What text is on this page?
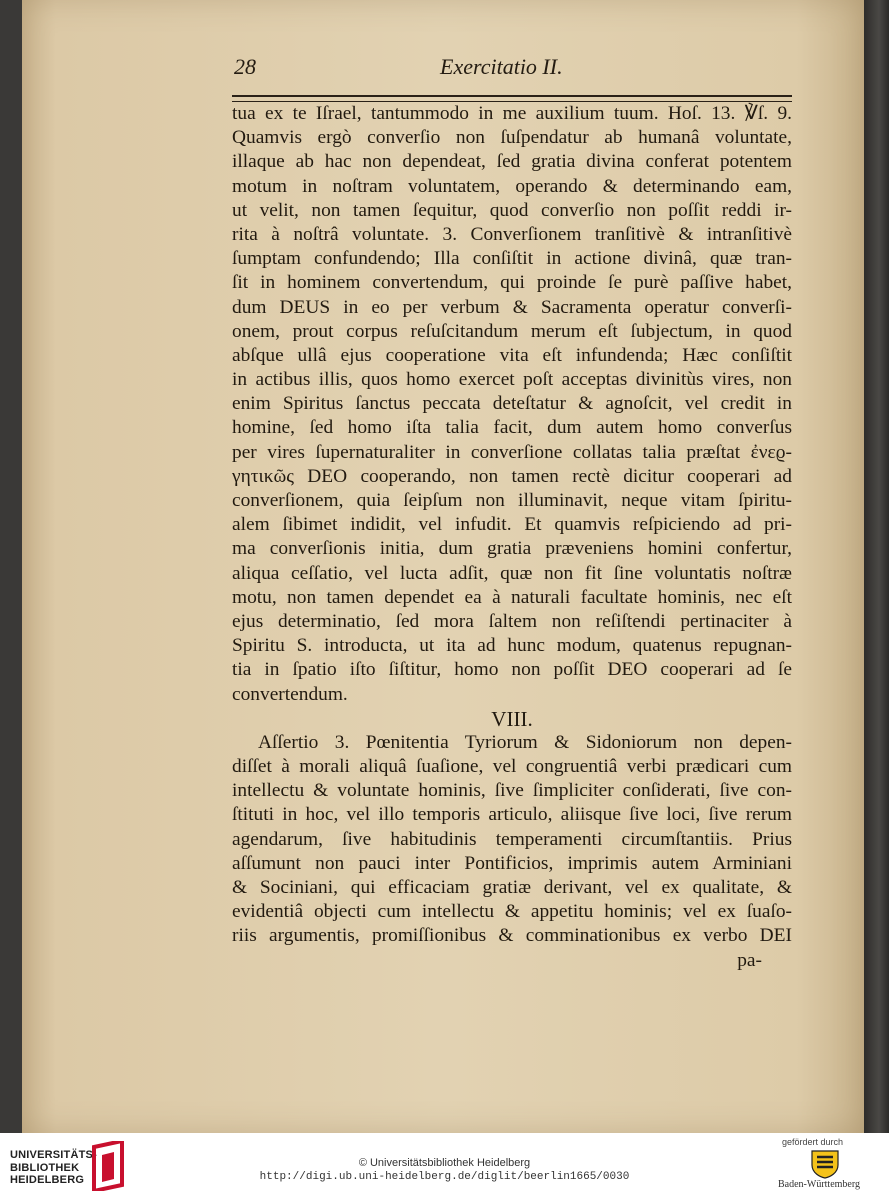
28	Exercitatio II.
tua ex te Iſrael, tantummodo in me auxilium tuum. Hoſ. 13. ℣ſ. 9.
Quamvis ergò converſio non ſuſpendatur ab humanâ voluntate,
illaque ab hac non dependeat, ſed gratia divina conferat potentem
motum in noſtram voluntatem, operando & determinando eam,
ut velit, non tamen ſequitur, quod converſio non poſſit reddi ir-
rita à noſtrâ voluntate. 3. Converſionem tranſitivè & intranſitivè
ſumptam confundendo; Illa conſiſtit in actione divinâ, quæ tran-
ſit in hominem convertendum, qui proinde ſe purè paſſive habet,
dum DEUS in eo per verbum & Sacramenta operatur converſi-
onem, prout corpus reſuſcitandum merum eſt ſubjectum, in quod
abſque ullâ ejus cooperatione vita eſt infundenda; Hæc conſiſtit
in actibus illis, quos homo exercet poſt acceptas divinitùs vires, non
enim Spiritus ſanctus peccata deteſtatur & agnoſcit, vel credit in
homine, ſed homo iſta talia facit, dum autem homo converſus
per vires ſupernaturaliter in converſione collatas talia præſtat ἐνεϱ-
γητικῶς DEO cooperando, non tamen rectè dicitur cooperari ad
converſionem, quia ſeipſum non illuminavit, neque vitam ſpiritu-
alem ſibimet indidit, vel infudit. Et quamvis reſpiciendo ad pri-
ma converſionis initia, dum gratia præveniens homini confertur,
aliqua ceſſatio, vel lucta adſit, quæ non fit ſine voluntatis noſtræ
motu, non tamen dependet ea à naturali facultate hominis, nec eſt
ejus determinatio, ſed mora ſaltem non reſiſtendi pertinaciter à
Spiritu S. introducta, ut ita ad hunc modum, quatenus repugnan-
tia in ſpatio iſto ſiſtitur, homo non poſſit DEO cooperari ad ſe
convertendum.
VIII.
Aſſertio 3. Pœnitentia Tyriorum & Sidoniorum non depen-
diſſet à morali aliquâ ſuaſione, vel congruentiâ verbi prædicari cum
intellectu & voluntate hominis, ſive ſimpliciter conſiderati, ſive con-
ſtituti in hoc, vel illo temporis articulo, aliisque ſive loci, ſive rerum
agendarum, ſive habitudinis temperamenti circumſtantiis. Prius
aſſumunt non pauci inter Pontificios, imprimis autem Arminiani
& Sociniani, qui efficaciam gratiæ derivant, vel ex qualitate, &
evidentiâ objecti cum intellectu & appetitu hominis; vel ex ſuaſo-
riis argumentis, promiſſionibus & comminationibus ex verbo DEI
pa-
UNIVERSITÄTS-
BIBLIOTHEK
HEIDELBERG
© Universitätsbibliothek Heidelberg
http://digi.ub.uni-heidelberg.de/diglit/beerlin1665/0030
gefördert durch
Baden-Württemberg
